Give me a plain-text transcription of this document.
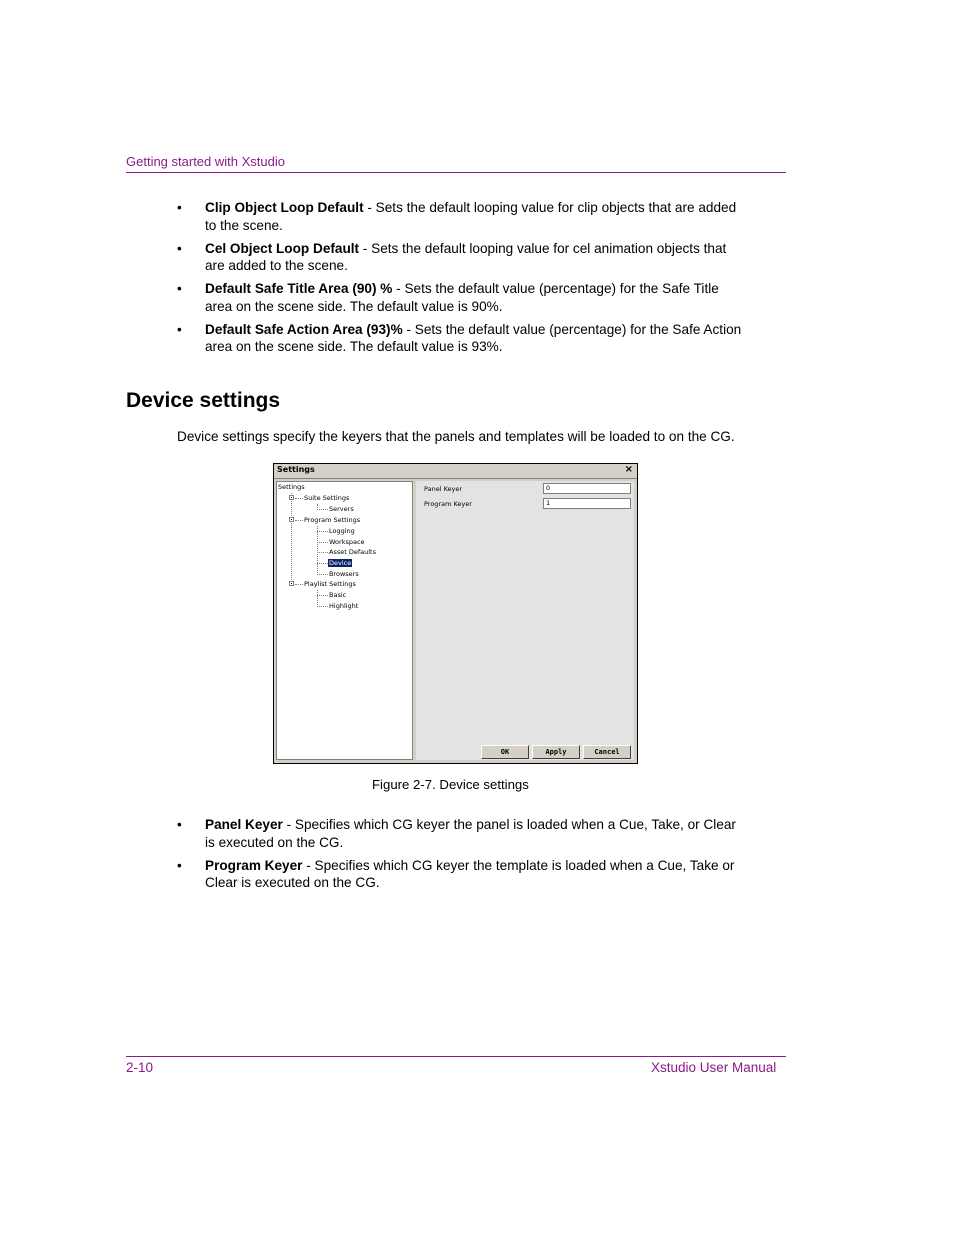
Getting started with Xstudio
• Clip Object Loop Default - Sets the default looping value for clip objects that are added to the scene.
• Cel Object Loop Default - Sets the default looping value for cel animation objects that are added to the scene.
• Default Safe Title Area (90) % - Sets the default value (percentage) for the Safe Title area on the scene side. The default value is 90%.
• Default Safe Action Area (93)% - Sets the default value (percentage) for the Safe Action area on the scene side. The default value is 93%.
Device settings
Device settings specify the keyers that the panels and templates will be loaded to on the CG.
Settings	×
Settings
Suite Settings
Servers
Program Settings
Logging
Workspace
Asset Defaults
Device
Browsers
Playlist Settings
Basic
Highlight
Panel Keyer	0
Program Keyer	1
OK	Apply	Cancel
Figure 2-7. Device settings
• Panel Keyer - Specifies which CG keyer the panel is loaded when a Cue, Take, or Clear is executed on the CG.
• Program Keyer - Specifies which CG keyer the template is loaded when a Cue, Take or Clear is executed on the CG.
2-10	Xstudio User Manual
